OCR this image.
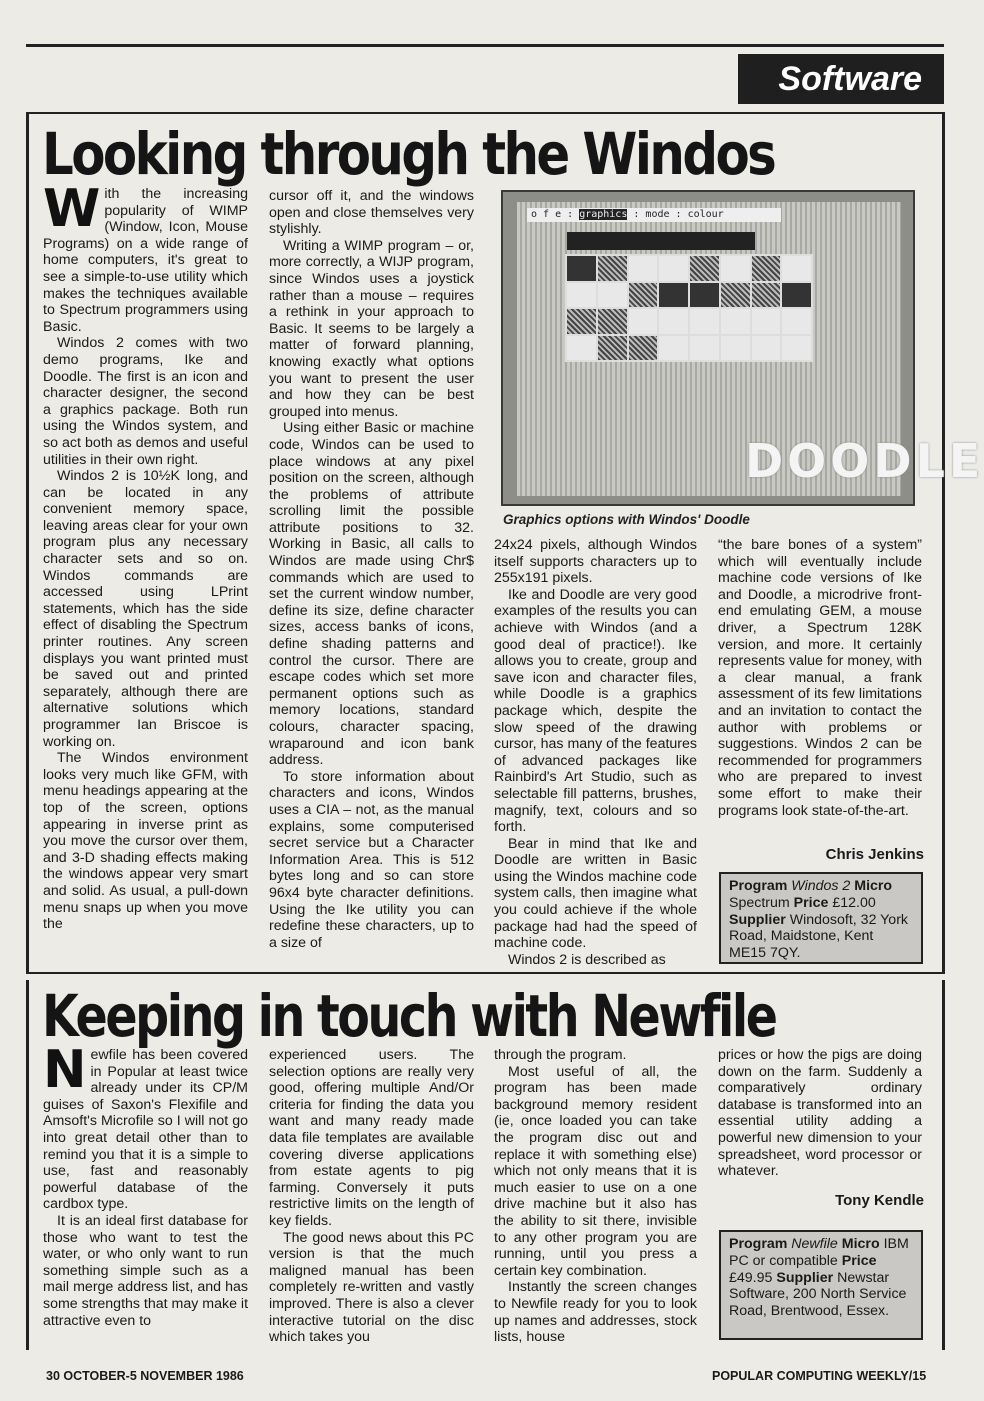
Software
Looking through the Windos

With the increasing popularity of WIMP (Window, Icon, Mouse Programs) on a wide range of home computers, it's great to see a simple-to-use utility which makes the techniques available to Spectrum programmers using Basic.

Windos 2 comes with two demo programs, Ike and Doodle. The first is an icon and character designer, the second a graphics package. Both run using the Windos system, and so act both as demos and useful utilities in their own right.

Windos 2 is 10½K long, and can be located in any convenient memory space, leaving areas clear for your own program plus any necessary character sets and so on. Windos commands are accessed using LPrint statements, which has the side effect of disabling the Spectrum printer routines. Any screen displays you want printed must be saved out and printed separately, although there are alternative solutions which programmer Ian Briscoe is working on.

The Windos environment looks very much like GFM, with menu headings appearing at the top of the screen, options appearing in inverse print as you move the cursor over them, and 3-D shading effects making the windows appear very smart and solid. As usual, a pull-down menu snaps up when you move the

cursor off it, and the windows open and close themselves very stylishly.

Writing a WIMP program – or, more correctly, a WIJP program, since Windos uses a joystick rather than a mouse – requires a rethink in your approach to Basic. It seems to be largely a matter of forward planning, knowing exactly what options you want to present the user and how they can be best grouped into menus.

Using either Basic or machine code, Windos can be used to place windows at any pixel position on the screen, although the problems of attribute scrolling limit the possible attribute positions to 32. Working in Basic, all calls to Windos are made using Chr$ commands which are used to set the current window number, define its size, define character sizes, access banks of icons, define shading patterns and control the cursor. There are escape codes which set more permanent options such as memory locations, standard colours, character spacing, wraparound and icon bank address.

To store information about characters and icons, Windos uses a CIA – not, as the manual explains, some computerised secret service but a Character Information Area. This is 512 bytes long and so can store 96x4 byte character definitions. Using the Ike utility you can redefine these characters, up to a size of

o f e : graphics : mode : colour
DOODLE
Graphics options with Windos' Doodle

24x24 pixels, although Windos itself supports characters up to 255x191 pixels.

Ike and Doodle are very good examples of the results you can achieve with Windos (and a good deal of practice!). Ike allows you to create, group and save icon and character files, while Doodle is a graphics package which, despite the slow speed of the drawing cursor, has many of the features of advanced packages like Rainbird's Art Studio, such as selectable fill patterns, brushes, magnify, text, colours and so forth.

Bear in mind that Ike and Doodle are written in Basic using the Windos machine code system calls, then imagine what you could achieve if the whole package had had the speed of machine code.

Windos 2 is described as

“the bare bones of a system” which will eventually include machine code versions of Ike and Doodle, a microdrive front-end emulating GEM, a mouse driver, a Spectrum 128K version, and more. It certainly represents value for money, with a clear manual, a frank assessment of its few limitations and an invitation to contact the author with problems or suggestions. Windos 2 can be recommended for programmers who are prepared to invest some effort to make their programs look state-of-the-art.

Chris Jenkins
Program Windos 2 Micro Spectrum Price £12.00 Supplier Windosoft, 32 York Road, Maidstone, Kent ME15 7QY.
Keeping in touch with Newfile

Newfile has been covered in Popular at least twice already under its CP/M guises of Saxon's Flexifile and Amsoft's Microfile so I will not go into great detail other than to remind you that it is a simple to use, fast and reasonably powerful database of the cardbox type.

It is an ideal first database for those who want to test the water, or who only want to run something simple such as a mail merge address list, and has some strengths that may make it attractive even to

experienced users. The selection options are really very good, offering multiple And/Or criteria for finding the data you want and many ready made data file templates are available covering diverse applications from estate agents to pig farming. Conversely it puts restrictive limits on the length of key fields.

The good news about this PC version is that the much maligned manual has been completely re-written and vastly improved. There is also a clever interactive tutorial on the disc which takes you

through the program.

Most useful of all, the program has been made background memory resident (ie, once loaded you can take the program disc out and replace it with something else) which not only means that it is much easier to use on a one drive machine but it also has the ability to sit there, invisible to any other program you are running, until you press a certain key combination.

Instantly the screen changes to Newfile ready for you to look up names and addresses, stock lists, house

prices or how the pigs are doing down on the farm. Suddenly a comparatively ordinary database is transformed into an essential utility adding a powerful new dimension to your spreadsheet, word processor or whatever.

Tony Kendle
Program Newfile Micro IBM PC or compatible Price £49.95 Supplier Newstar Software, 200 North Service Road, Brentwood, Essex.
30 OCTOBER-5 NOVEMBER 1986	POPULAR COMPUTING WEEKLY/15
